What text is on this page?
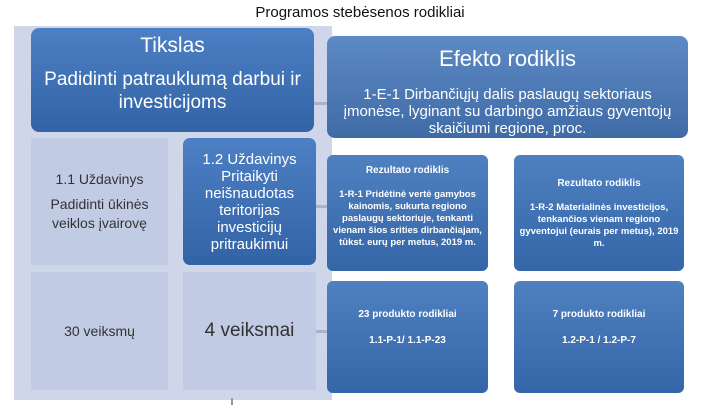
Programos stebėsenos rodikliai
Tikslas
Padidinti patrauklumą darbui ir investicijoms
1.1 Uždavinys
Padidinti ūkinės veiklos įvairovę
1.2 Uždavinys
Pritaikyti neišnaudotas teritorijas investicijų pritraukimui
30 veiksmų	4 veiksmai
Efekto rodiklis
1-E-1 Dirbančiųjų dalis paslaugų sektoriaus įmonėse, lyginant su darbingo amžiaus gyventojų skaičiumi regione, proc.
Rezultato rodiklis
1-R-1 Pridėtinė vertė gamybos kainomis, sukurta regiono paslaugų sektoriuje, tenkanti vienam šios srities dirbančiajam, tūkst. eurų per metus, 2019 m.
Rezultato rodiklis
1-R-2 Materialinės investicijos, tenkančios vienam regiono gyventojui (eurais per metus), 2019 m.
23 produkto rodikliai
1.1-P-1/ 1.1-P-23
7 produkto rodikliai
1.2-P-1 / 1.2-P-7
